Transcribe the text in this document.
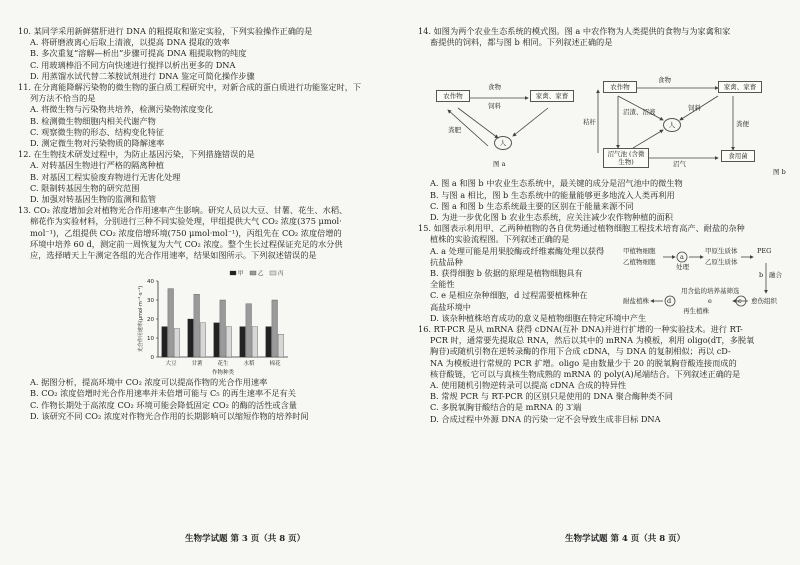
10. 某同学采用新鲜猪肝进行 DNA 的粗提取和鉴定实验，下列实验操作正确的是
A. 将研磨液离心后取上清液，以提高 DNA 提取的效率
B. 多次重复“溶解—析出”步骤可提高 DNA 粗提取物的纯度
C. 用玻璃棒沿不同方向快速进行搅拌以析出更多的 DNA
D. 用蒸馏水试代替二苯胺试剂进行 DNA 鉴定可简化操作步骤
11. 在分离能降解污染物的微生物的蛋白质工程研究中，对新合成的蛋白质进行功能鉴定时，下
列方法不恰当的是
A. 将微生物与污染物共培养，检测污染物浓度变化
B. 检测微生物细胞内相关代谢产物
C. 观察微生物的形态、结构变化特征
D. 测定微生物对污染物质的降解速率
12. 在生物技术研发过程中，为防止基因污染，下列措施错误的是
A. 对转基因生物进行严格的隔离种植
B. 对基因工程实验废弃物进行无害化处理
C. 限制转基因生物的研究范围
D. 加强对转基因生物的监测和监管
13. CO₂ 浓度增加会对植物光合作用速率产生影响。研究人员以大豆、甘薯、花生、水稻、
棉花作为实验材料，分别进行三种不同实验处理，甲组提供大气 CO₂ 浓度(375 μmol·
mol⁻¹)，乙组提供 CO₂ 浓度倍增环境(750 μmol·mol⁻¹)，丙组先在 CO₂ 浓度倍增的
环境中培养 60 d，测定前一周恢复为大气 CO₂ 浓度。整个生长过程保证充足的水分供
应，选择晴天上午测定各组的光合作用速率，结果如图所示。下列叙述错误的是
0
10
20
30
40
光合作用速率(μmol·m⁻²·s⁻¹)
大豆	甘薯	花生	水稻	棉花
作物种类
甲	乙	丙
A. 据图分析，提高环境中 CO₂ 浓度可以提高作物的光合作用速率
B. CO₂ 浓度倍增时光合作用速率并未倍增可能与 C₅ 的再生速率不足有关
C. 作物长期处于高浓度 CO₂ 环境可能会降低固定 CO₂ 的酶的活性或含量
D. 该研究不同 CO₂ 浓度对作物光合作用的长期影响可以缩短作物的培养时间
14. 如图为两个农业生态系统的模式图。图 a 中农作物为人类提供的食物与为家禽和家
畜提供的饲料，都与图 b 相同。下列叙述正确的是
农作物	家禽、家畜
人
食物
饲料
粪肥
图 a
农作物	家禽、家畜
人
沼气池 (含微生物)
食用菌
食物
饲料
秸秆
沼渣、沼液
粪便
沼气
图 b
A. 图 a 和图 b 中农业生态系统中，最关键的成分是沼气池中的微生物
B. 与图 a 相比，图 b 生态系统中的能量能够更多地流入人类再利用
C. 图 a 和图 b 生态系统最主要的区别在于能量来源不同
D. 为进一步优化图 b 农业生态系统，应关注减少农作物种植的面积
15. 如图表示利用甲、乙两种植物的各自优势通过植物细胞工程技术培育高产、耐盐的杂种
植株的实验流程图。下列叙述正确的是
A. a 处理可能是用果胶酶或纤维素酶处理以获得
抗盐品种
B. 获得细胞 b 依据的原理是植物细胞具有
全能性
C. e 是相应杂种细胞，d 过程需要植株种在
高盐环境中
D. 该杂种植株培育成功的意义是植物细胞在特定环境中产生
甲植物细胞
乙植物细胞
a
处理
甲原生质体
乙原生质体
PEG
融合
b
c
用含盐的培养基筛选
愈伤组织
d	e
再生植株
耐盐植株
16. RT-PCR 是从 mRNA 获得 cDNA(互补 DNA)并进行扩增的一种实验技术。进行 RT-
PCR 时，通常要先提取总 RNA，然后以其中的 mRNA 为模板，利用 oligo(dT，多脱氧
胸苷)或随机引物在逆转录酶的作用下合成 cDNA，与 DNA 的复制相似；再以 cD-
NA 为模板进行常规的 PCR 扩增。oligo 是由数量少于 20 的脱氧胸苷酸连接而成的
核苷酸链，它可以与真核生物成熟的 mRNA 的 poly(A)尾端结合。下列叙述正确的是
A. 使用随机引物逆转录可以提高 cDNA 合成的特异性
B. 常规 PCR 与 RT-PCR 的区别只是使用的 DNA 聚合酶种类不同
C. 多脱氧胸苷酸结合的是 mRNA 的 3′端
D. 合成过程中外源 DNA 的污染一定不会导致生成非目标 DNA
生物学试题 第 3 页（共 8 页）	生物学试题 第 4 页（共 8 页）
